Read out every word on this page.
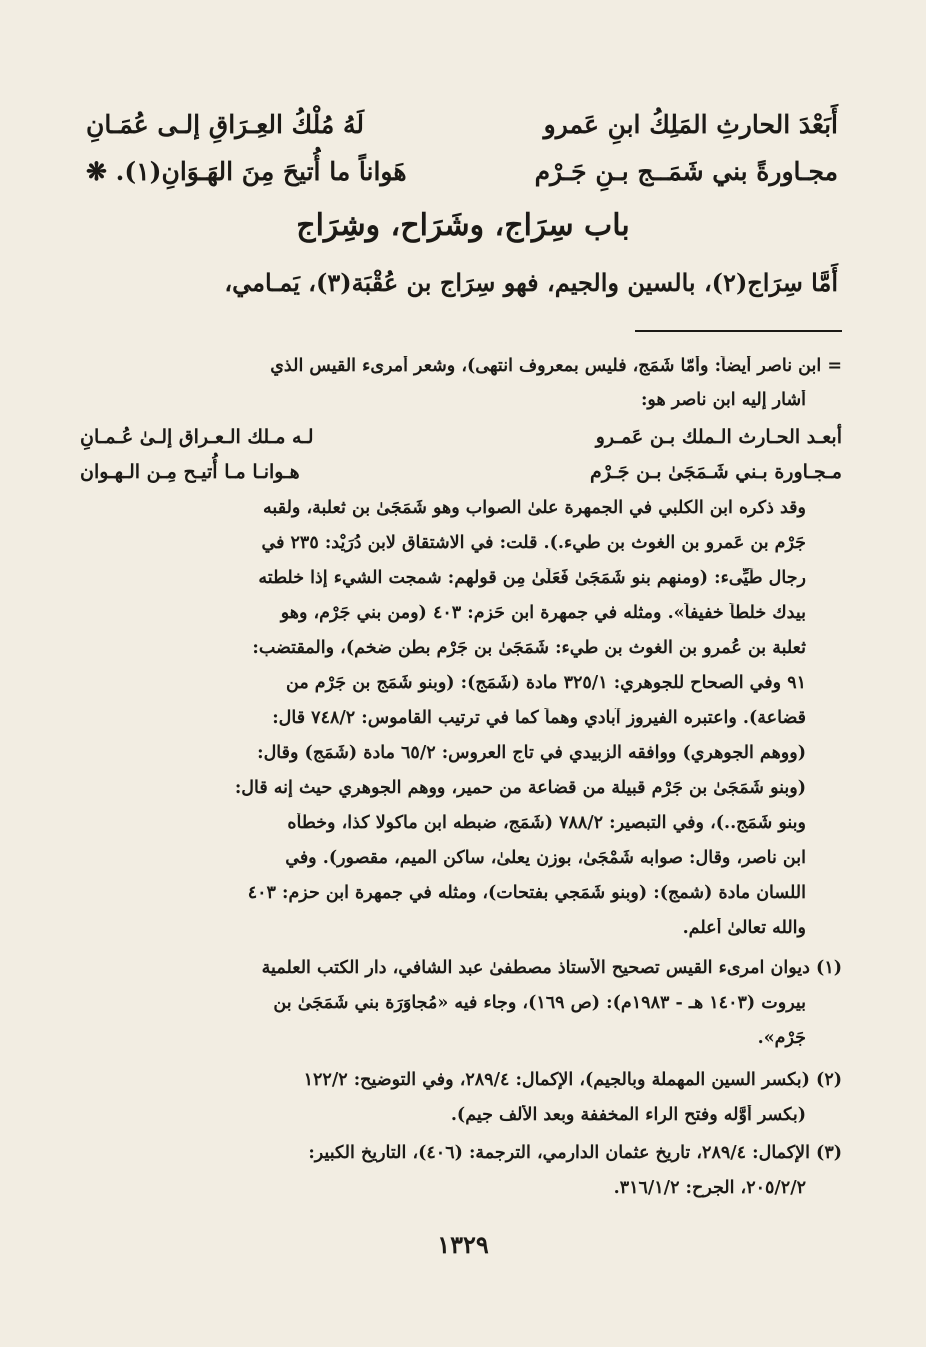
أَبَعْدَ الحارثِ المَلِكُ ابنِ عَمرو
لَهُ مُلْكُ العِـرَاقِ إلـى عُمَـانِ
مجـاورةً بني شَمَــج بـنِ جَـرْم
هَواناً ما أُتيحَ مِنَ الهَـوَانِ(١). ❋
باب سِرَاج، وشَرَاح، وشِرَاج
أَمَّا سِرَاج(٢)، بالسين والجيم، فهو سِرَاج بن عُقْبَة(٣)، يَمـامي،
= ابن ناصر أيضاً: وأمّا شَمَج، فليس بمعروف انتهى)، وشعر أمرىء القيس الذي
أشار إليه ابن ناصر هو:
أبعـد الحـارث الـملك بـن عَمـرو
لـه مـلك الـعـراق إلـىٰ عُـمـانِ
مـجـاورة بـني شَـمَجَىٰ بـن جَـرْم
هـوانـا مـا أُتيـح مِـن الـهـوان
وقد ذكره ابن الكلبي في الجمهرة علىٰ الصواب وهو شَمَجَىٰ بن ثعلبة، ولقبه
جَرْم بن عَمرو بن الغوث بن طيء.). قلت: في الاشتقاق لابن دُرَيْد: ٢٣٥ في
رجال طَيِّىء: (ومنهم بنو شَمَجَىٰ فَعَلَىٰ مِن قولهم: شمجت الشيء إذا خلطته
بيدك خلطاً خفيفاً». ومثله في جمهرة ابن حَزم: ٤٠٣ (ومن بني جَرْم، وهو
ثعلبة بن عُمرو بن الغوث بن طيء: شَمَجَىٰ بن جَرْم بطن ضخم)، والمقتضب:
٩١ وفي الصحاح للجوهري: ٣٢٥/١ مادة (شَمَج): (وبنو شَمَج بن جَرْم من
قضاعة). واعتبره الفيروز آبادي وهماً كما في ترتيب القاموس: ٧٤٨/٢ قال:
(ووهم الجوهري) ووافقه الزبيدي في تاج العروس: ٦٥/٢ مادة (شَمَج) وقال:
(وبنو شَمَجَىٰ بن جَرْم قبيلة من قضاعة من حمير، ووهم الجوهري حيث إنه قال:
وبنو شَمَج..)، وفي التبصير: ٧٨٨/٢ (شَمَج، ضبطه ابن ماكولا كذا، وخطأه
ابن ناصر، وقال: صوابه شَمْجَىٰ، بوزن يعلىٰ، ساكن الميم، مقصور). وفي
اللسان مادة (شمج): (وبنو شَمَجي بفتحات)، ومثله في جمهرة ابن حزم: ٤٠٣
والله تعالىٰ أعلم.
(١) ديوان امرىء القيس تصحيح الأستاذ مصطفىٰ عبد الشافي، دار الكتب العلمية
بيروت (١٤٠٣ هـ - ١٩٨٣م): (ص ١٦٩)، وجاء فيه «مُجاوَرَة بني شَمَجَىٰ بن
جَرْم».
(٢) (بكسر السين المهملة وبالجيم)، الإكمال: ٢٨٩/٤، وفي التوضيح: ١٢٢/٢
(بكسر أوَّله وفتح الراء المخففة وبعد الألف جيم).
(٣) الإكمال: ٢٨٩/٤، تاريخ عثمان الدارمي، الترجمة: (٤٠٦)، التاريخ الكبير:
٢٠٥/٢/٢، الجرح: ٣١٦/١/٢.
١٣٢٩
